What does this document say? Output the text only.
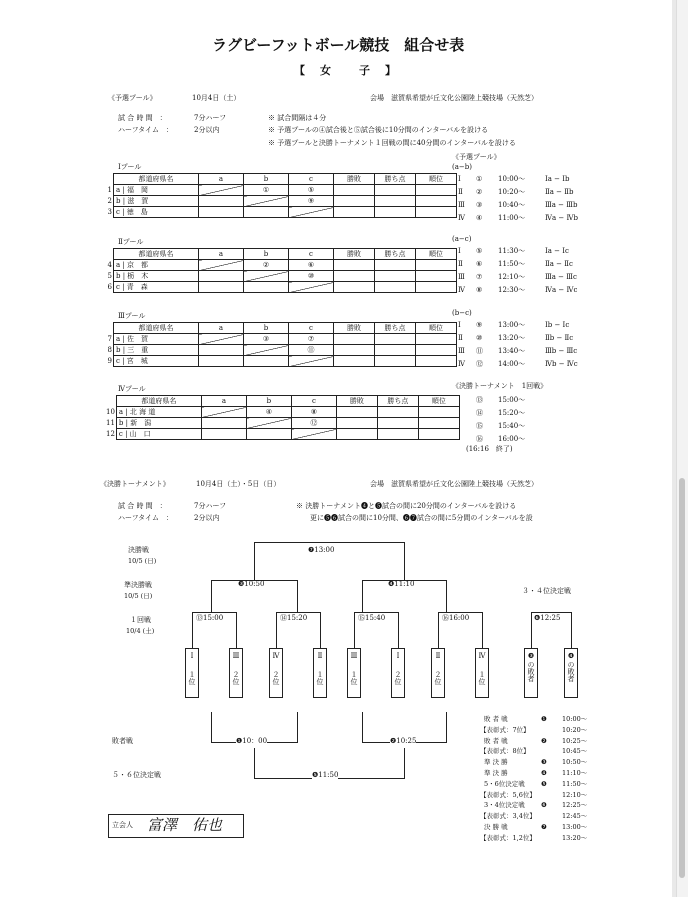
ラグビーフットボール競技　組合せ表
【　女　　子　】
《予選プール》	10月4日（土）	会場　滋賀県希望が丘文化公園陸上競技場（天然芝）
試 合 時 間　：	7分ハーフ
ハーフタイム　：	2分以内
※ 試合間隔は４分
※ 予選プールの④試合後と⑤試合後に10分間のインターバルを設ける
※ 予選プールと決勝トーナメント１回戦の間に40分間のインターバルを設ける
Ⅰプール
	都道府県名	a	b	c	勝敗	勝ち点	順位
1	a | 福　岡		①	⑤			
2	b | 滋　賀			⑨			
3	c | 徳　島						
Ⅱプール
	都道府県名	a	b	c	勝敗	勝ち点	順位
4	a | 京　都		②	⑥			
5	b | 栃　木			⑩			
6	c | 青　森						
Ⅲプール
	都道府県名	a	b	c	勝敗	勝ち点	順位
7	a | 佐　賀		③	⑦			
8	b | 三　重			⑪			
9	c | 宮　城						
Ⅳプール
	都道府県名	a	b	c	勝敗	勝ち点	順位
10	a | 北 海 道		④	⑧			
11	b | 新　潟			⑫			
12	c | 山　口						
《予選プール》
(a−b)
Ⅰ ① 10:00〜	Ⅰa − Ⅰb
Ⅱ ② 10:20〜	Ⅱa − Ⅱb
Ⅲ ③ 10:40〜	Ⅲa − Ⅲb
Ⅳ ④ 11:00〜	Ⅳa − Ⅳb
(a−c)
Ⅰ ⑤ 11:30〜	Ⅰa − Ⅰc
Ⅱ ⑥ 11:50〜	Ⅱa − Ⅱc
Ⅲ ⑦ 12:10〜	Ⅲa − Ⅲc
Ⅳ ⑧ 12:30〜	Ⅳa − Ⅳc
(b−c)
Ⅰ ⑨ 13:00〜	Ⅰb − Ⅰc
Ⅱ ⑩ 13:20〜	Ⅱb − Ⅱc
Ⅲ ⑪ 13:40〜	Ⅲb − Ⅲc
Ⅳ ⑫ 14:00〜	Ⅳb − Ⅳc
《決勝トーナメント　1回戦》
⑬ 15:00〜
⑭ 15:20〜
⑮ 15:40〜
⑯ 16:00〜
(16:16　終了)
《決勝トーナメント》	10月4日（土）・5日（日）	会場　滋賀県希望が丘文化公園陸上競技場（天然芝）
試 合 時 間　：	7分ハーフ
ハーフタイム　：	2分以内
※ 決勝トーナメント❹と❺試合の間に20分間のインターバルを設ける
更に❺❻試合の間に10分間、❻❼試合の間に5分間のインターバルを設
決勝戦
10/5 (日)
準決勝戦
10/5 (日)
１回戦
10/4 (土)
３・４位決定戦
敗者戦
５・６位決定戦
❼13:00
❸10:50	❹11:10
⑬15:00	⑭15:20	⑮15:40	⑯16:00	❻12:25
❶10：00	❷10:25
❺11:50
Ⅰ

１位
Ⅲ

２位
Ⅳ

２位
Ⅱ

１位
Ⅲ

１位
Ⅰ

２位
Ⅱ

２位
Ⅳ

１位
❸
の敗者
❹
の敗者
敗 者 戦	❶ 10:00〜
【表彰式：7位】	10:20〜
敗 者 戦	❷ 10:25〜
【表彰式：8位】	10:45〜
準 決 勝	❸ 10:50〜
準 決 勝	❹ 11:10〜
5・6位決定戦 ❺ 11:50〜
【表彰式：5,6位】	12:10〜
3・4位決定戦 ❻ 12:25〜
【表彰式：3,4位】	12:45〜
決 勝 戦	❼ 13:00〜
【表彰式：1,2位】	13:20〜
立会人 富澤　佑也
